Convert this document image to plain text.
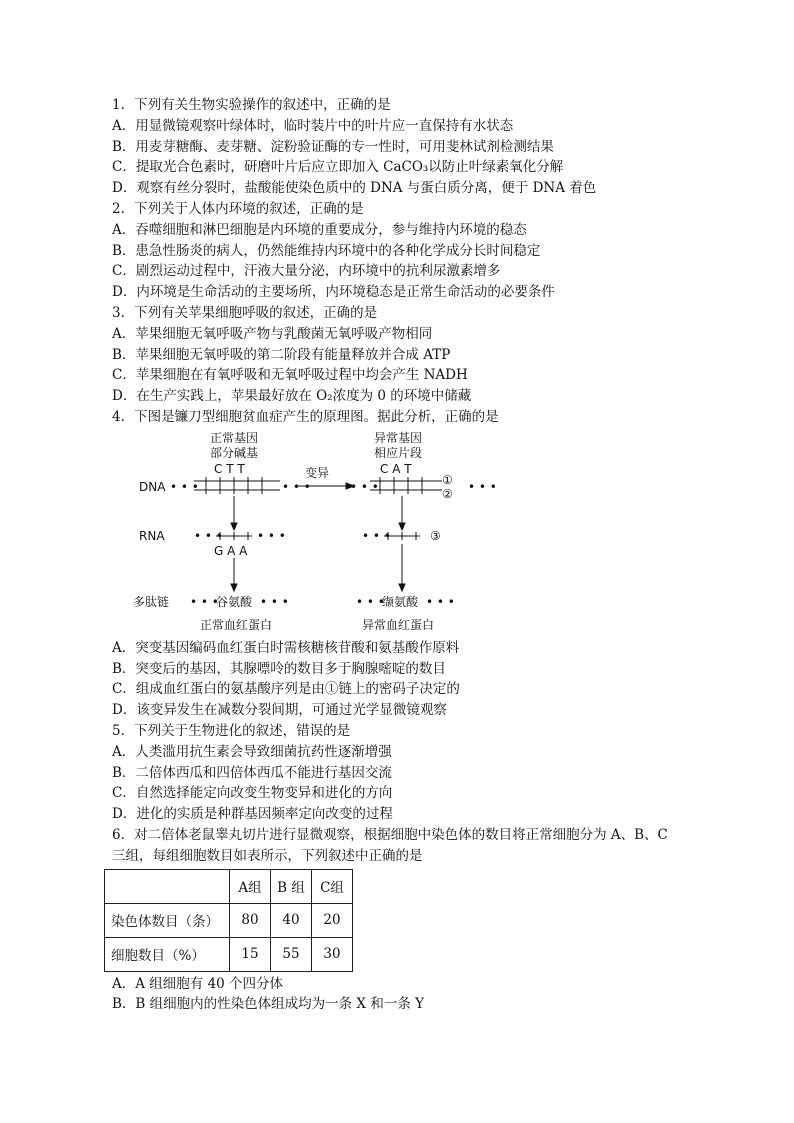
1．下列有关生物实验操作的叙述中，正确的是
A．用显微镜观察叶绿体时，临时装片中的叶片应一直保持有水状态
B．用麦芽糖酶、麦芽糖、淀粉验证酶的专一性时，可用斐林试剂检测结果
C．提取光合色素时，研磨叶片后应立即加入 CaCO₃以防止叶绿素氧化分解
D．观察有丝分裂时，盐酸能使染色质中的 DNA 与蛋白质分离，便于 DNA 着色
2．下列关于人体内环境的叙述，正确的是
A．吞噬细胞和淋巴细胞是内环境的重要成分，参与维持内环境的稳态
B．患急性肠炎的病人，仍然能维持内环境中的各种化学成分长时间稳定
C．剧烈运动过程中，汗液大量分泌，内环境中的抗利尿激素增多
D．内环境是生命活动的主要场所，内环境稳态是正常生命活动的必要条件
3．下列有关苹果细胞呼吸的叙述，正确的是
A．苹果细胞无氧呼吸产物与乳酸菌无氧呼吸产物相同
B．苹果细胞无氧呼吸的第二阶段有能量释放并合成 ATP
C．苹果细胞在有氧呼吸和无氧呼吸过程中均会产生 NADH
D．在生产实践上，苹果最好放在 O₂浓度为 0 的环境中储藏
4．下图是镰刀型细胞贫血症产生的原理图。据此分析，正确的是
正常基因
部分碱基
C T T
异常基因
相应片段
C A T
DNA • • •	• • •
变异
• • •	①
② • • •
RNA • • •	• • •
G A A
• • •	③
多肽链 • • •
谷氨酸 • • •	• • •
缬氨酸 • • •
正常血红蛋白	异常血红蛋白
A．突变基因编码血红蛋白时需核糖核苷酸和氨基酸作原料
B．突变后的基因，其腺嘌呤的数目多于胸腺嘧啶的数目
C．组成血红蛋白的氨基酸序列是由①链上的密码子决定的
D．该变异发生在减数分裂间期，可通过光学显微镜观察
5．下列关于生物进化的叙述，错误的是
A．人类滥用抗生素会导致细菌抗药性逐渐增强
B．二倍体西瓜和四倍体西瓜不能进行基因交流
C．自然选择能定向改变生物变异和进化的方向
D．进化的实质是种群基因频率定向改变的过程
6．对二倍体老鼠睾丸切片进行显微观察，根据细胞中染色体的数目将正常细胞分为 A、B、C
三组，每组细胞数目如表所示，下列叙述中正确的是
	A组	B 组	C组
染色体数目（条）	80	40	20
细胞数目（%）	15	55	30
A．A 组细胞有 40 个四分体
B．B 组细胞内的性染色体组成均为一条 X 和一条 Y
